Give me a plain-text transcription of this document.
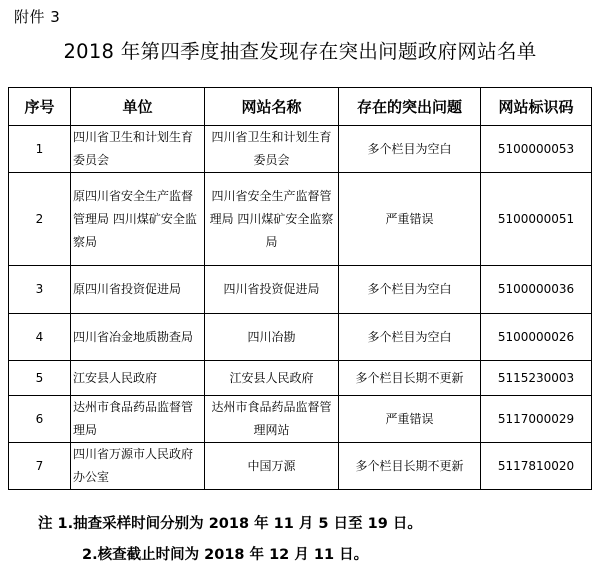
附件 3
2018 年第四季度抽查发现存在突出问题政府网站名单
序号	单位	网站名称	存在的突出问题	网站标识码
1	四川省卫生和计划生育委员会	四川省卫生和计划生育委员会	多个栏目为空白	5100000053
2	原四川省安全生产监督管理局 四川煤矿安全监察局	四川省安全生产监督管理局 四川煤矿安全监察局	严重错误	5100000051
3	原四川省投资促进局	四川省投资促进局	多个栏目为空白	5100000036
4	四川省冶金地质勘查局	四川冶勘	多个栏目为空白	5100000026
5	江安县人民政府	江安县人民政府	多个栏目长期不更新	5115230003
6	达州市食品药品监督管理局	达州市食品药品监督管理网站	严重错误	5117000029
7	四川省万源市人民政府办公室	中国万源	多个栏目长期不更新	5117810020
注 1.抽查采样时间分别为 2018 年 11 月 5 日至 19 日。
2.核查截止时间为 2018 年 12 月 11 日。
